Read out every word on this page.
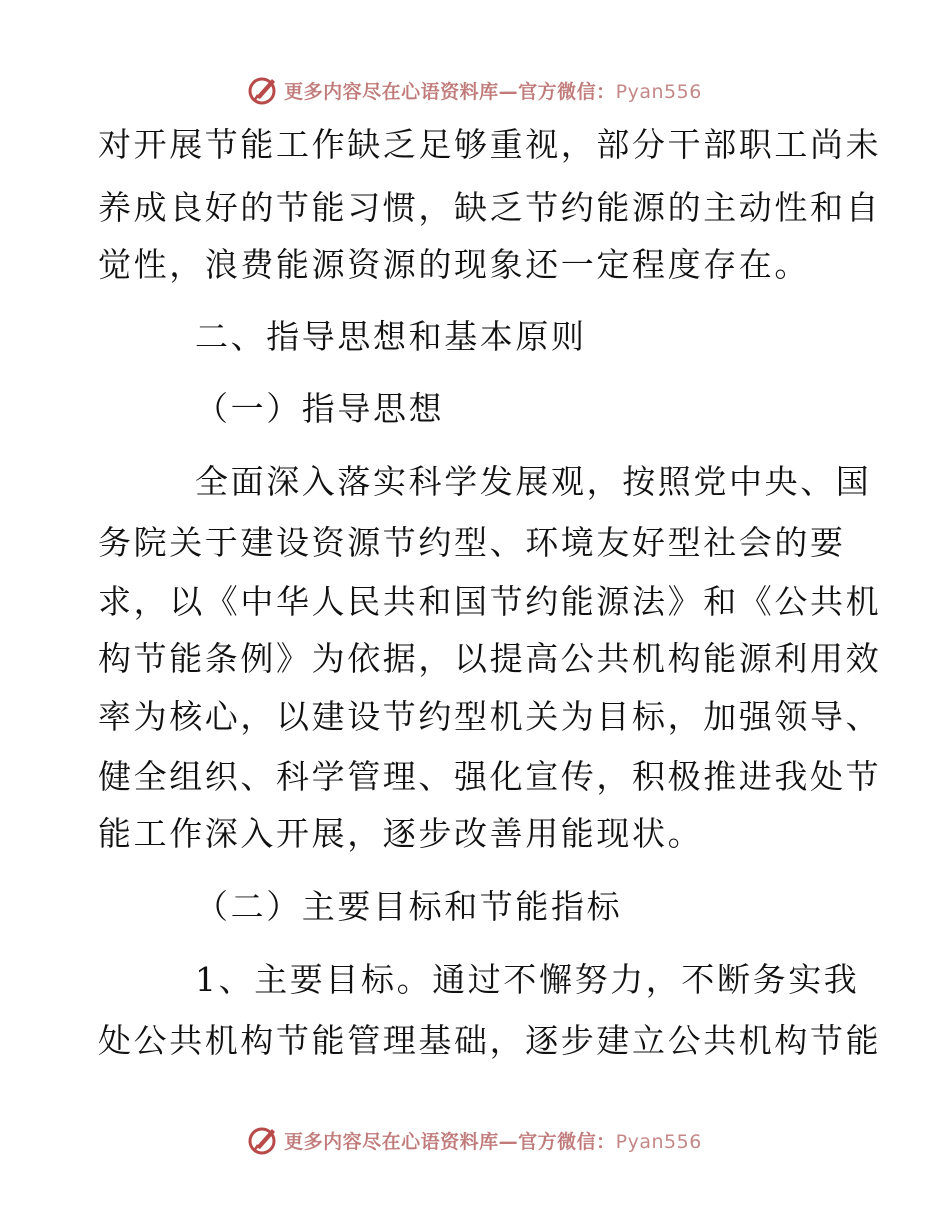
更多内容尽在心语资料库—官方微信：Pyan556
对开展节能工作缺乏足够重视，部分干部职工尚未
养成良好的节能习惯，缺乏节约能源的主动性和自
觉性，浪费能源资源的现象还一定程度存在。
二、指导思想和基本原则
（一）指导思想
全面深入落实科学发展观，按照党中央、国
务院关于建设资源节约型、环境友好型社会的要
求，以《中华人民共和国节约能源法》和《公共机
构节能条例》为依据，以提高公共机构能源利用效
率为核心，以建设节约型机关为目标，加强领导、
健全组织、科学管理、强化宣传，积极推进我处节
能工作深入开展，逐步改善用能现状。
（二）主要目标和节能指标
1、主要目标。通过不懈努力，不断务实我
处公共机构节能管理基础，逐步建立公共机构节能
更多内容尽在心语资料库—官方微信：Pyan556
